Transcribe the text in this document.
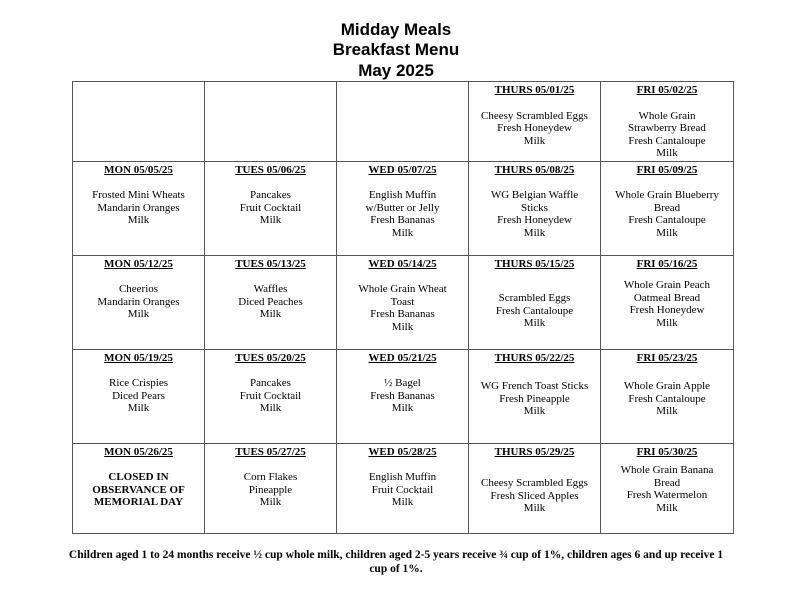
Midday Meals
Breakfast Menu
May 2025

			THURS 05/01/25
Cheesy Scrambled Eggs
Fresh Honeydew
Milk	FRI 05/02/25
Whole Grain
Strawberry Bread
Fresh Cantaloupe
Milk

MON 05/05/25
Frosted Mini Wheats
Mandarin Oranges
Milk	TUES 05/06/25
Pancakes
Fruit Cocktail
Milk	WED 05/07/25
English Muffin
w/Butter or Jelly
Fresh Bananas
Milk	THURS 05/08/25
WG Belgian Waffle
Sticks
Fresh Honeydew
Milk	FRI 05/09/25
Whole Grain Blueberry
Bread
Fresh Cantaloupe
Milk

MON 05/12/25
Cheerios
Mandarin Oranges
Milk	TUES 05/13/25
Waffles
Diced Peaches
Milk	WED 05/14/25
Whole Grain Wheat
Toast
Fresh Bananas
Milk	THURS 05/15/25
Scrambled Eggs
Fresh Cantaloupe
Milk	FRI 05/16/25
Whole Grain Peach
Oatmeal Bread
Fresh Honeydew
Milk

MON 05/19/25
Rice Crispies
Diced Pears
Milk	TUES 05/20/25
Pancakes
Fruit Cocktail
Milk	WED 05/21/25
½ Bagel
Fresh Bananas
Milk	THURS 05/22/25
WG French Toast Sticks
Fresh Pineapple
Milk	FRI 05/23/25
Whole Grain Apple
Fresh Cantaloupe
Milk

MON 05/26/25
CLOSED IN
OBSERVANCE OF
MEMORIAL DAY	TUES 05/27/25
Corn Flakes
Pineapple
Milk	WED 05/28/25
English Muffin
Fruit Cocktail
Milk	THURS 05/29/25
Cheesy Scrambled Eggs
Fresh Sliced Apples
Milk	FRI 05/30/25
Whole Grain Banana
Bread
Fresh Watermelon
Milk
Children aged 1 to 24 months receive ½ cup whole milk, children aged 2-5 years receive ¾ cup of 1%, children ages 6 and up receive 1 cup of 1%.
